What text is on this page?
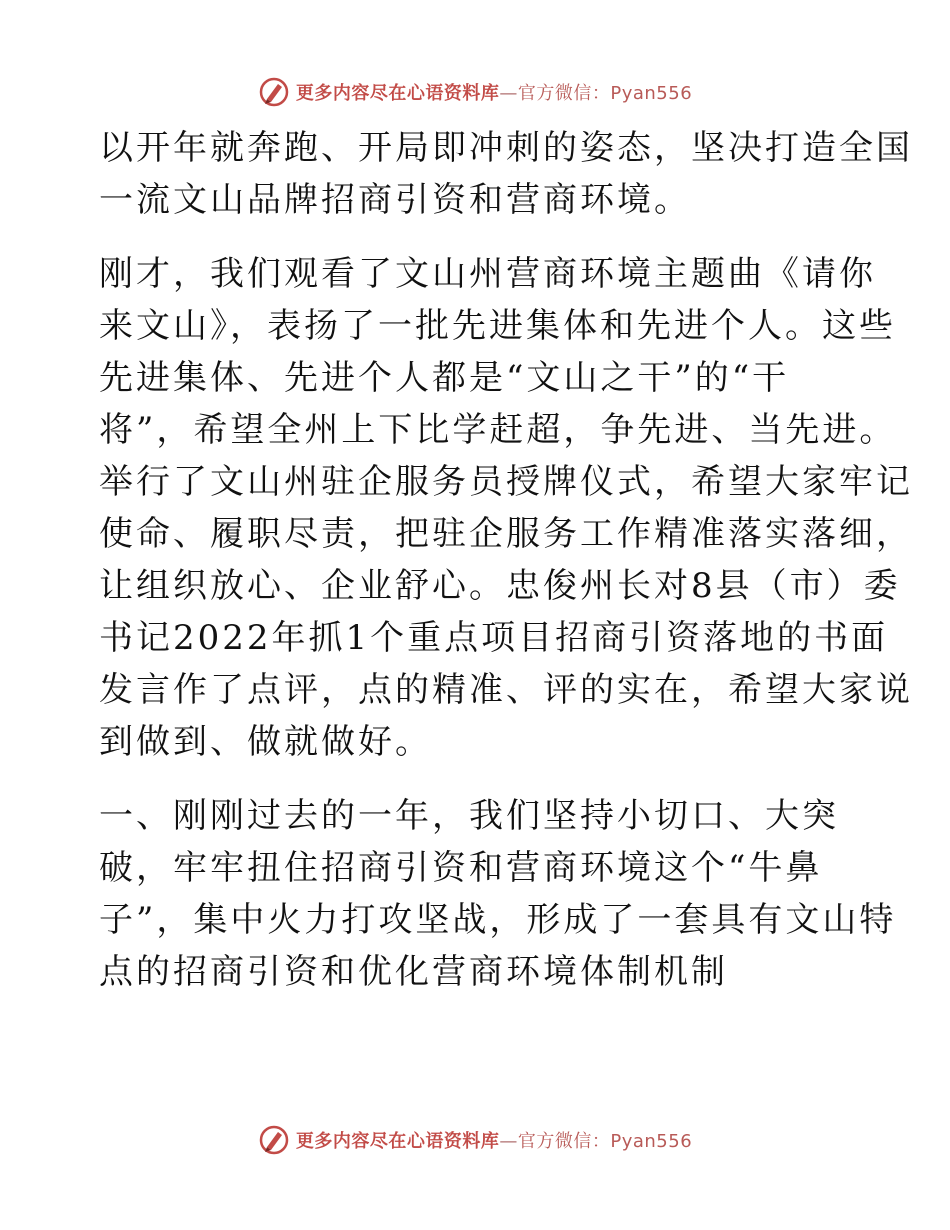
更多内容尽在心语资料库—官方微信：Pyan556
以开年就奔跑、开局即冲刺的姿态，坚决打造全国
一流文山品牌招商引资和营商环境。
刚才，我们观看了文山州营商环境主题曲《请你
来文山》，表扬了一批先进集体和先进个人。这些
先进集体、先进个人都是“文山之干”的“干
将”，希望全州上下比学赶超，争先进、当先进。
举行了文山州驻企服务员授牌仪式，希望大家牢记
使命、履职尽责，把驻企服务工作精准落实落细，
让组织放心、企业舒心。忠俊州长对8县（市）委
书记2022年抓1个重点项目招商引资落地的书面
发言作了点评，点的精准、评的实在，希望大家说
到做到、做就做好。
一、刚刚过去的一年，我们坚持小切口、大突
破，牢牢扭住招商引资和营商环境这个“牛鼻
子”，集中火力打攻坚战，形成了一套具有文山特
点的招商引资和优化营商环境体制机制
更多内容尽在心语资料库—官方微信：Pyan556
